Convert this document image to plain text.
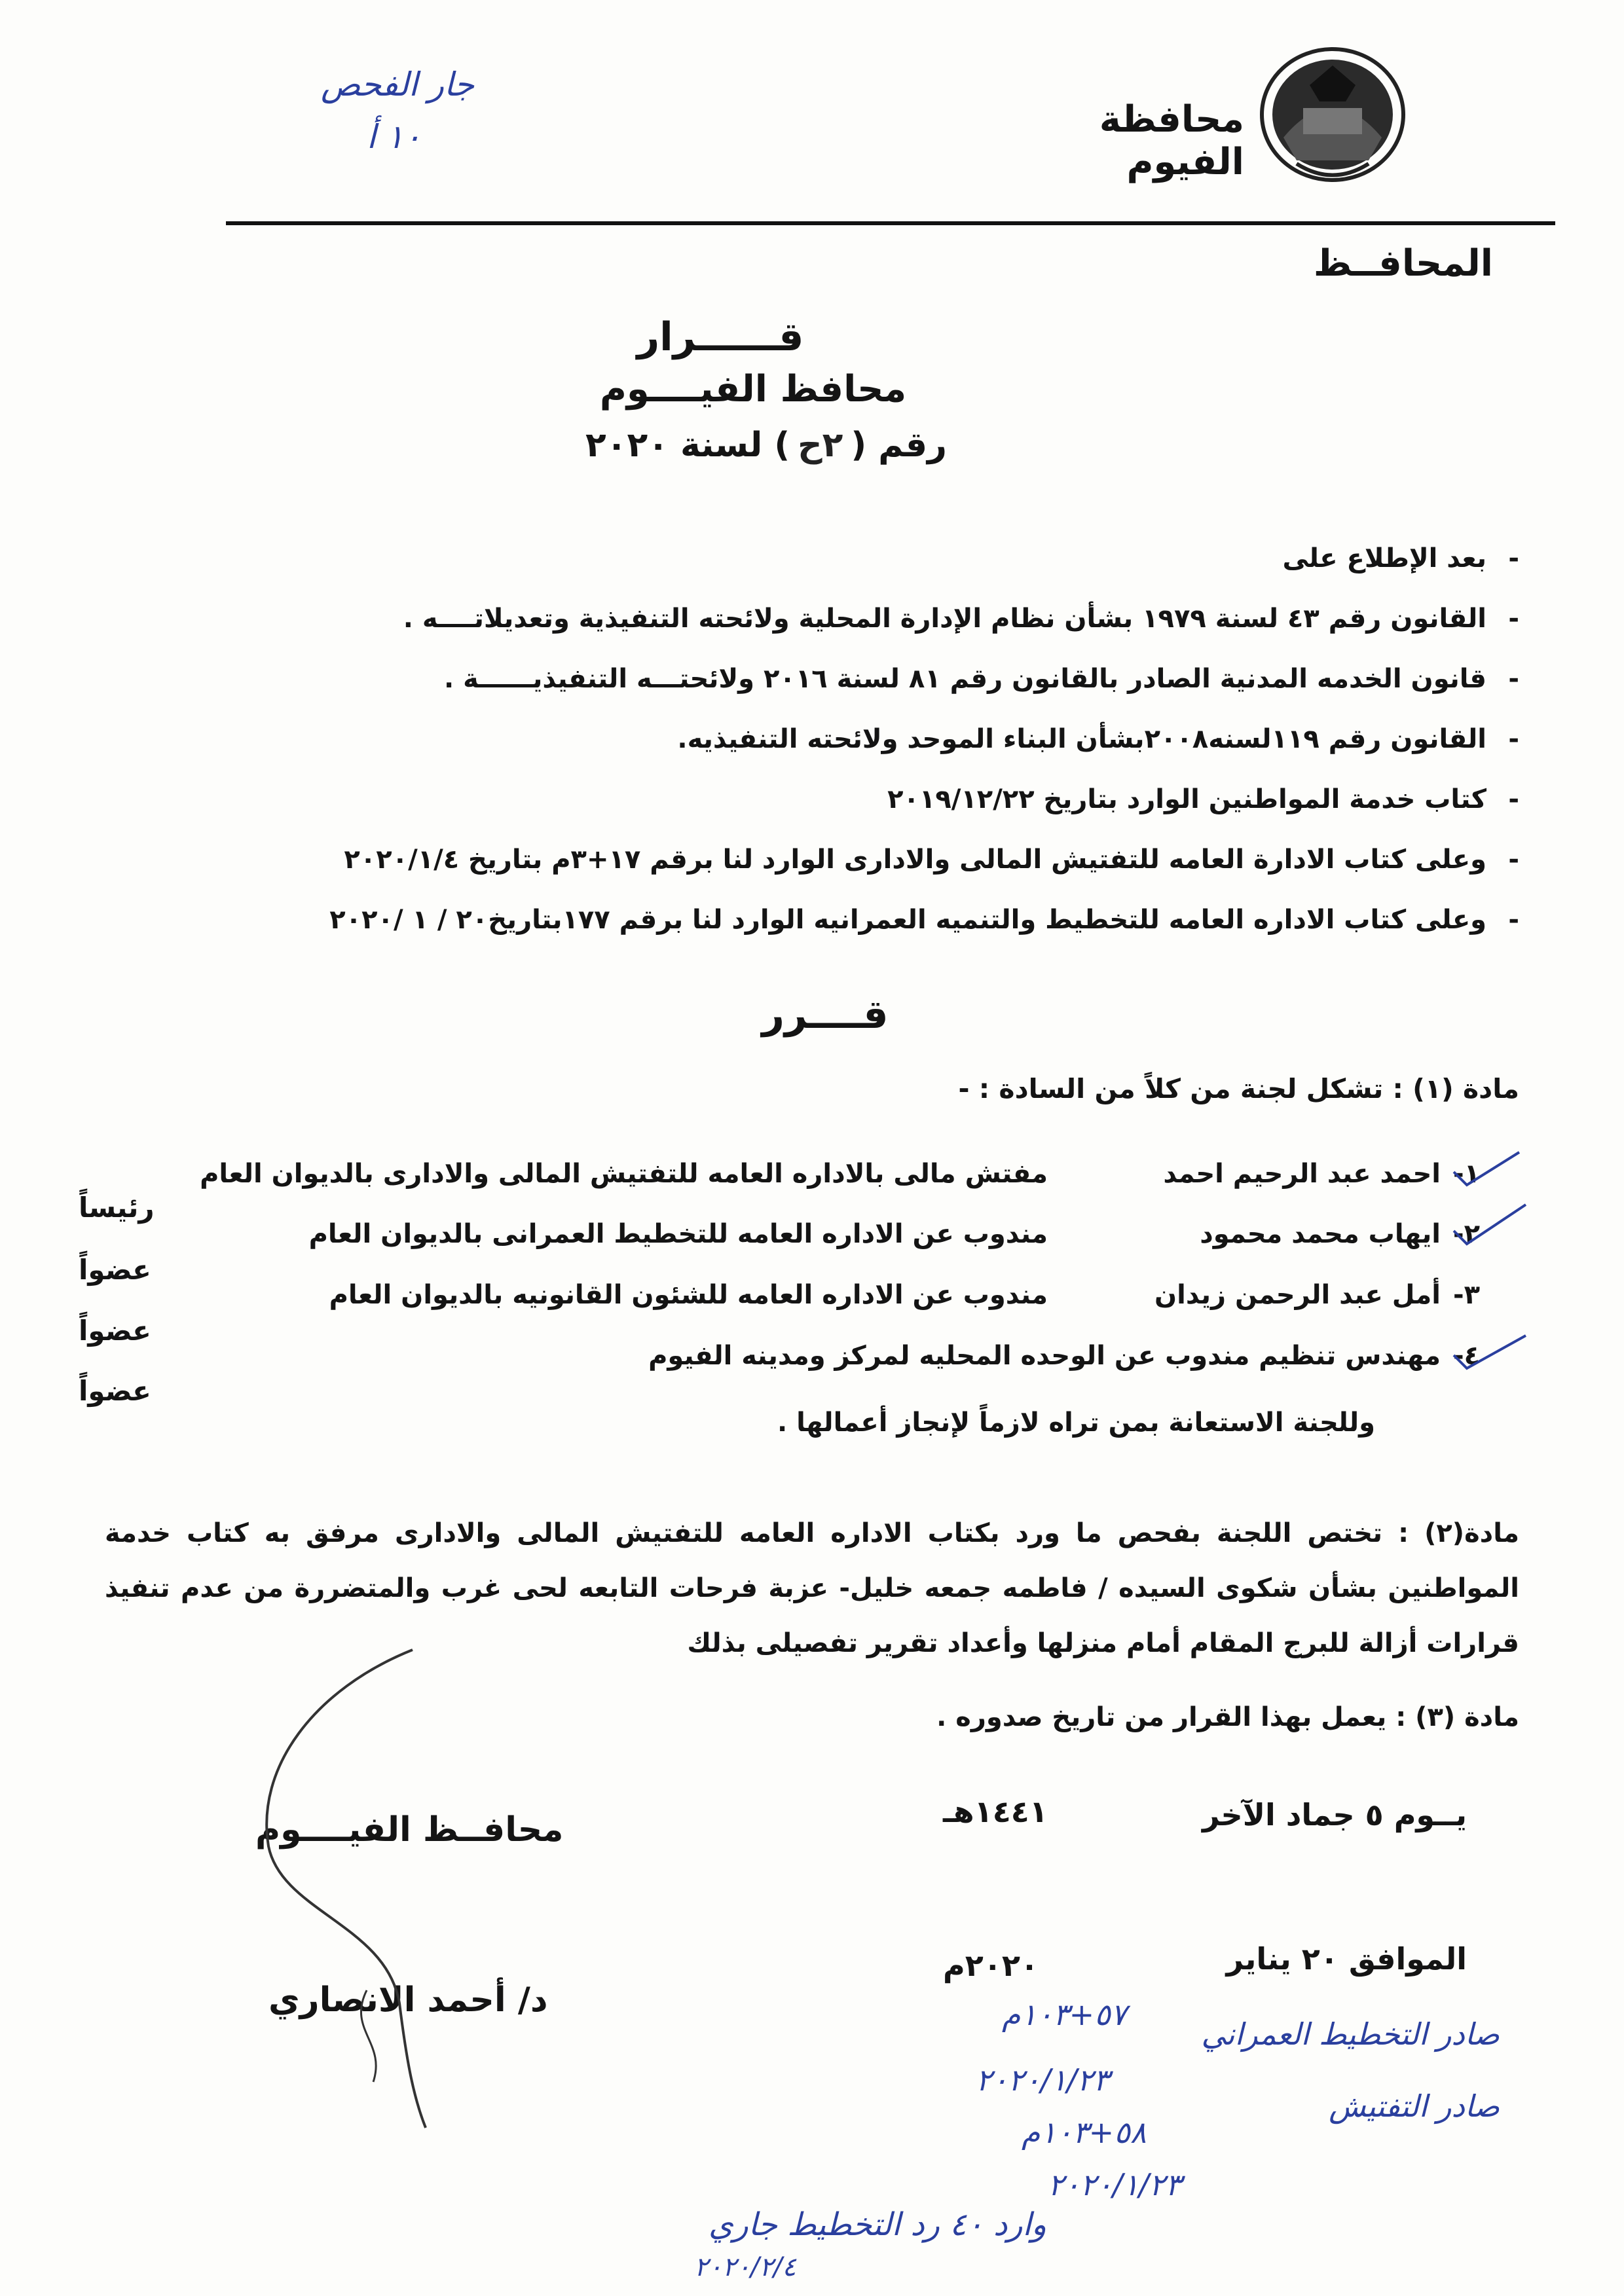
محافظة الفيوم
جار الفحص
١٠ أ
المحافــظ
قــــــرار
محافظ الفيــــوم
رقم (٢ح) لسنة ٢٠٢٠
- بعد الإطلاع على
- القانون رقم ٤٣ لسنة ١٩٧٩ بشأن نظام الإدارة المحلية ولائحته التنفيذية وتعديلاتــــه .
- قانون الخدمه المدنية الصادر بالقانون رقم ٨١ لسنة ٢٠١٦ ولائحتـــه التنفيذيــــــة .
- القانون رقم ١١٩لسنه٢٠٠٨بشأن البناء الموحد ولائحته التنفيذيه.
- كتاب خدمة المواطنين الوارد بتاريخ ٢٠١٩/١٢/٢٢
- وعلى كتاب الادارة العامه للتفتيش المالى والادارى الوارد لنا برقم ١٧+٣م بتاريخ ٢٠٢٠/١/٤
- وعلى كتاب الاداره العامه للتخطيط والتنميه العمرانيه الوارد لنا برقم ١٧٧بتاريخ٢٠ / ١ /٢٠٢٠
قــــرر
مادة (١) : تشكل لجنة من كلاً من السادة : -
١-
احمد عبد الرحيم احمد
مفتش مالى بالاداره العامه للتفتيش المالى والادارى بالديوان العام
٢-
ايهاب محمد محمود
مندوب عن الاداره العامه للتخطيط العمرانى بالديوان العام
٣-
أمل عبد الرحمن زيدان
مندوب عن الاداره العامه للشئون القانونيه بالديوان العام
٤-
مهندس تنظيم مندوب عن الوحده المحليه لمركز ومدينه الفيوم
وللجنة الاستعانة بمن تراه لازماً لإنجاز أعمالها .
رئيساً
عضواً
عضواً
عضواً
مادة(٢) : تختص اللجنة بفحص ما ورد بكتاب الاداره العامه للتفتيش المالى والادارى مرفق به كتاب خدمة المواطنين بشأن شكوى السيده / فاطمه جمعه خليل- عزبة فرحات التابعه لحى غرب والمتضررة من عدم تنفيذ قرارات أزالة للبرج المقام أمام منزلها وأعداد تقرير تفصيلى بذلك
مادة (٣) : يعمل بهذا القرار من تاريخ صدوره .
يــوم ٥ جماد الآخر
١٤٤١هـ
الموافق ٢٠ يناير
٢٠٢٠م
محافــظ الفيــــوم
د/ أحمد الانصاري
صادر التخطيط العمراني
٥٧+١٠٣م
٢٠٢٠/١/٢٣
صادر التفتيش
٥٨+١٠٣م
٢٠٢٠/١/٢٣
وارد ٤٠ رد التخطيط جاري
٢٠٢٠/٢/٤
